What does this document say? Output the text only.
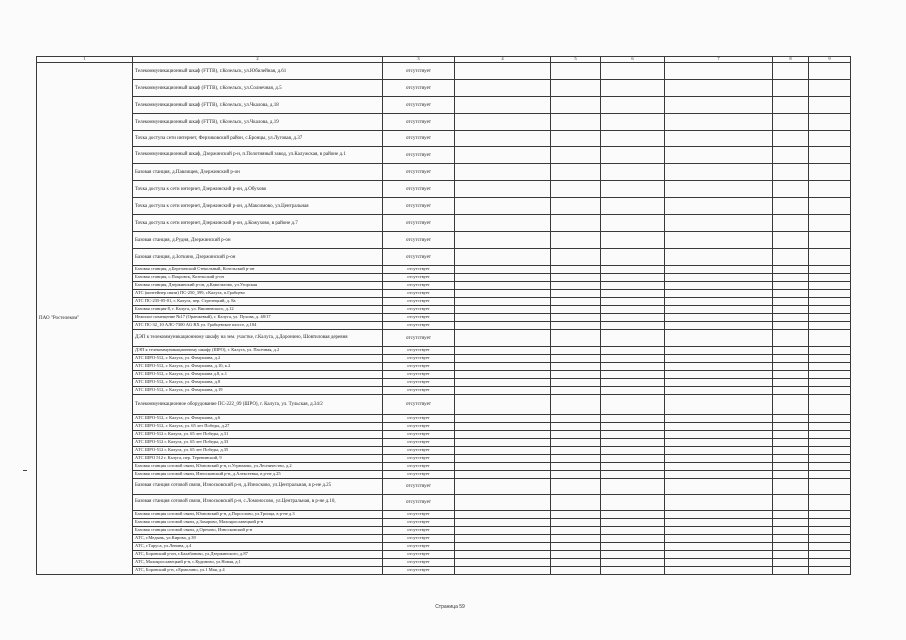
1	2	3	4	5	6	7	8	9
ПАО "Ростелеком"	Телекоммуникационный шкаф (FTTB), г.Козельск, ул.Юбилейная, д.61	отсутствует						
	Телекоммуникационный шкаф (FTTB), г.Козельск, ул.Солнечная, д.5	отсутствует						
	Телекоммуникационный шкаф (FTTB), г.Козельск, ул.Чкалова, д.18	отсутствует						
	Телекоммуникационный шкаф (FTTB), г.Козельск, ул.Чкалова, д.19	отсутствует						
	Точка доступа сети интернет, Ферзиковский район, с.Бронцы, ул.Луговая, д.37	отсутствует						
	Телекоммуникационный шкаф, Дзержинский р-н, п.Полотняный завод, ул.Калужская, в районе д.1	отсутствует						
	Базовая станция, д.Павлищев, Дзержинский р-он	отсутствует						
	Точка доступа к сети интернет, Дзержинский р-он, д.Обухово	отсутствует						
	Точка доступа к сети интернет, Дзержинский р-он, д.Максимово, ул.Центральная	отсутствует						
	Точка доступа к сети интернет, Дзержинский р-он, д.Кожухово, в районе д.7	отсутствует						
	Базовая станция, д.Рудня, Дзержинский р-он	отсутствует						
	Базовая станция, д.Зоткино, Дзержинский р-он	отсутствует						
	Базовая станция, д.Березичский Стекольный, Козельский р-он	отсутствует						
	Базовая станция, с.Покровск, Козельский р-он	отсутствует						
	Базовая станция, Дзержинский р-он, д.Камельтово, ул.Угорская	отсутствует						
	АТС (контейнер связи) ПС-250_399, г.Калуга, п.Грабцево	отсутствует						
	АТС ПС-235-05-01, г. Калуга, пер. Стрелецкий, д. 8а	отсутствует						
	Базовая станция-8, г. Калуга, ул. Вишневского, д.12	отсутствует						
	Нежилое помещение №17 (Оранжевый), г. Калуга, ул. Пухова, д. 48/17	отсутствует						
	АТС ПС-32_10 АЛС-7300 AG RX ул. Грабцевское шоссе, д.104	отсутствует						
	ДЭП к телекоммуникационному шкафу на зем. участке, г.Калуга, д.Доронино, Шовтиловая деревня	отсутствует						
	ДЭП к телекоммуникационному шкафу (ШРО), г. Калуга, ул. Пасечная, д.2	отсутствует						
	АТС ШРО-512, г. Калуга, ул. Фомушина, д.2	отсутствует						
	АТС ШРО-512, г. Калуга, ул. Фомушина, д.10, к.2	отсутствует						
	АТС ШРО-512, г. Калуга, ул. Фомушина д.8, к.1	отсутствует						
	АТС ШРО-512, г. Калуга, ул. Фомушина, д.8	отсутствует						
	АТС ШРО-512, г. Калуга, ул. Фомушина, д.19	отсутствует						
	Телекоммуникационное оборудование ПС-222_09 (ШРО), г. Калуга, ул. Тульская, д.34/2	отсутствует						
	АТС ШРО-512, г. Калуга, ул. Фомушина, д.6	отсутствует						
	АТС ШРО-512, г. Калуга, ул. 65 лет Победы, д.27	отсутствует						
	АТС ШРО-512 г. Калуга, ул. 65 лет Победы, д.31	отсутствует						
	АТС ШРО-512 г. Калуга, ул. 65 лет Победы, д.33	отсутствует						
	АТС ШРО-512 г. Калуга, ул. 65 лет Победы, д.35	отсутствует						
	АТС ШРО 512 г. Калуга, пер. Теренинский, 9	отсутствует						
	Базовая станция сотовой связи, Юхновский р-н, п.Угрюмово, ул.Лесничество, д.2	отсутствует						
	Базовая станция сотовой связи, Износковский р-н, д.Алексеевка, в р-не д.25	отсутствует						
	Базовая станция сотовой связи, Износковский р-н, д.Износково, ул.Центральная, в р-не д.25	отсутствует						
	Базовая станция сотовой связи, Износковский р-н, с.Ломоносово, ул.Центральная, в р-не д.10,	отсутствует						
	Базовая станция сотовой связи, Юхновский р-н, д.Порослово, ул.Троица, в р-не д.3	отсутствует						
	Базовая станция сотовой связи, д.Захарово, Малоярославецкий р-н	отсутствует						
	Базовая станция сотовой связи, д.Орехово, Износковский р-н	отсутствует						
	АТС, г.Медынь, ул.Кирова, д.39	отсутствует						
	АТС, г.Таруса, ул.Ленина, д.4	отсутствует						
	АТС, Боровский р-он, г.Балабаново, ул.Дзержинского, д.87	отсутствует						
	АТС, Малоярославецкий р-н, с.Кудиново, ул.Новая, д.1	отсутствует						
	АТС, Боровский р-н, г.Ермолино, ул.1 Мая, д.4	отсутствует						
Страница 59
